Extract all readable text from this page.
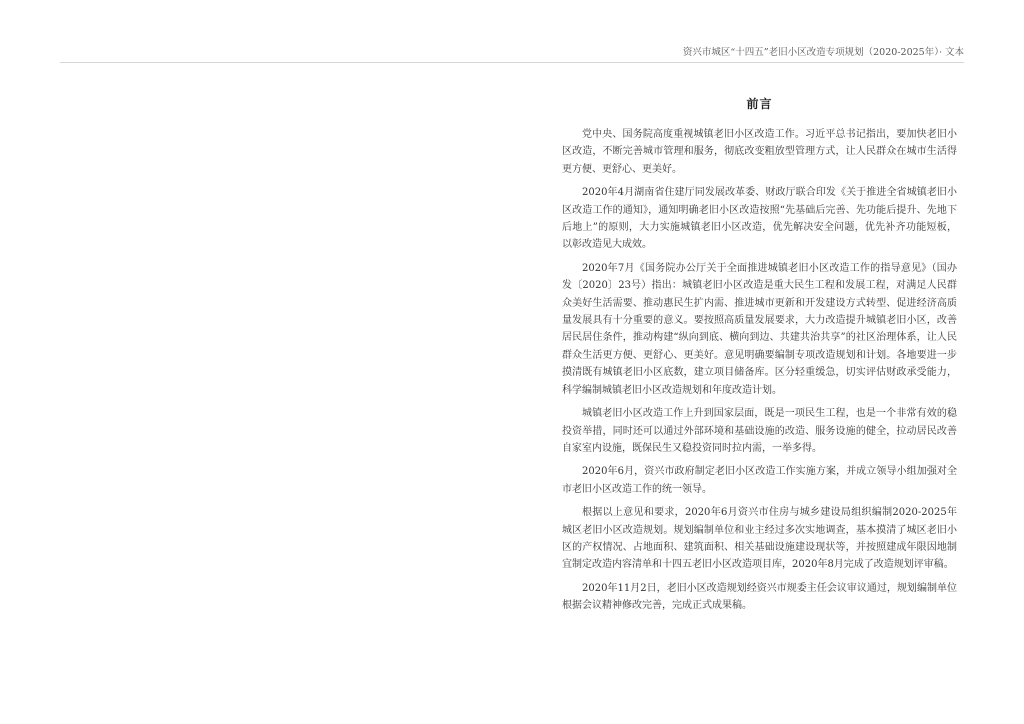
资兴市城区“十四五”老旧小区改造专项规划（2020-2025年）· 文本
前言

党中央、国务院高度重视城镇老旧小区改造工作。习近平总书记指出，要加快老旧小区改造，不断完善城市管理和服务，彻底改变粗放型管理方式，让人民群众在城市生活得更方便、更舒心、更美好。

2020年4月湖南省住建厅同发展改革委、财政厅联合印发《关于推进全省城镇老旧小区改造工作的通知》，通知明确老旧小区改造按照“先基础后完善、先功能后提升、先地下后地上”的原则，大力实施城镇老旧小区改造，优先解决安全问题，优先补齐功能短板，以彰改造见大成效。

2020年7月《国务院办公厅关于全面推进城镇老旧小区改造工作的指导意见》（国办发〔2020〕23号）指出：城镇老旧小区改造是重大民生工程和发展工程，对满足人民群众美好生活需要、推动惠民生扩内需、推进城市更新和开发建设方式转型、促进经济高质量发展具有十分重要的意义。要按照高质量发展要求，大力改造提升城镇老旧小区，改善居民居住条件，推动构建“纵向到底、横向到边、共建共治共享”的社区治理体系，让人民群众生活更方便、更舒心、更美好。意见明确要编制专项改造规划和计划。各地要进一步摸清既有城镇老旧小区底数，建立项目储备库。区分轻重缓急，切实评估财政承受能力，科学编制城镇老旧小区改造规划和年度改造计划。

城镇老旧小区改造工作上升到国家层面，既是一项民生工程，也是一个非常有效的稳投资举措，同时还可以通过外部环境和基础设施的改造、服务设施的健全，拉动居民改善自家室内设施，既保民生又稳投资同时拉内需，一举多得。

2020年6月，资兴市政府制定老旧小区改造工作实施方案，并成立领导小组加强对全市老旧小区改造工作的统一领导。

根据以上意见和要求，2020年6月资兴市住房与城乡建设局组织编制2020-2025年城区老旧小区改造规划。规划编制单位和业主经过多次实地调查，基本摸清了城区老旧小区的产权情况、占地面积、建筑面积、相关基础设施建设现状等，并按照建成年限因地制宜制定改造内容清单和十四五老旧小区改造项目库，2020年8月完成了改造规划评审稿。

2020年11月2日，老旧小区改造规划经资兴市规委主任会议审议通过，规划编制单位根据会议精神修改完善，完成正式成果稿。
